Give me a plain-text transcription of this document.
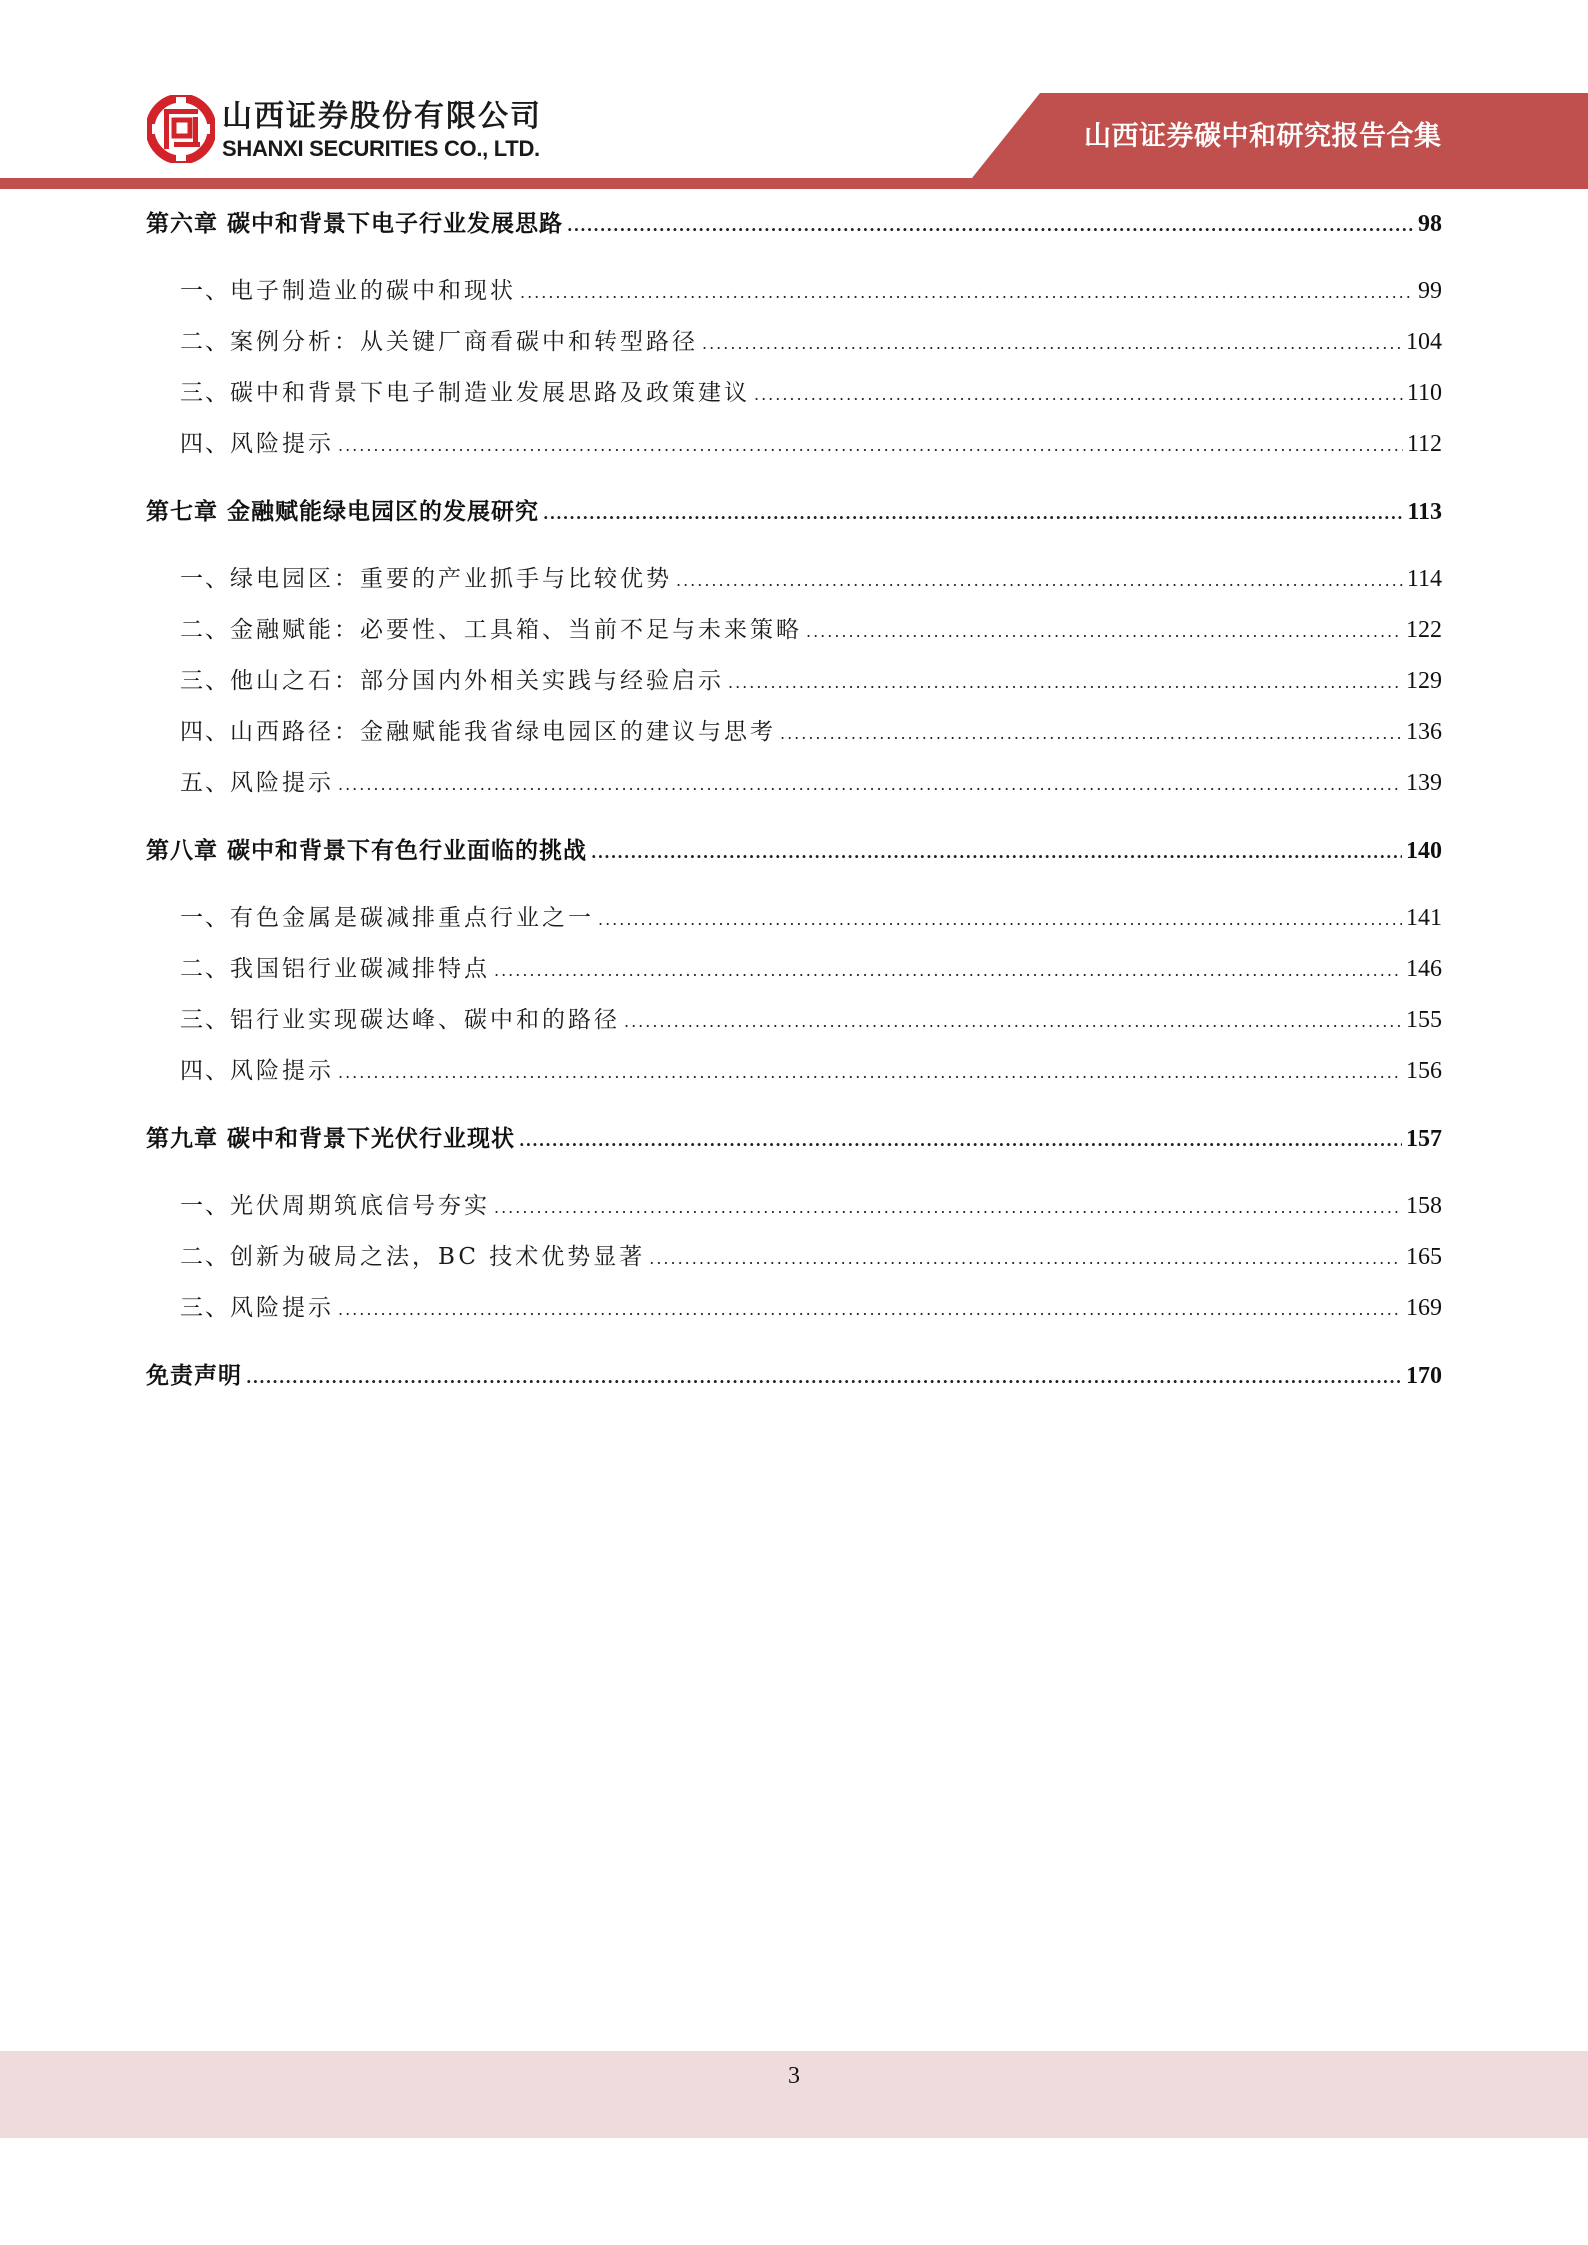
山西证券股份有限公司
SHANXI SECURITIES CO., LTD.	山西证券碳中和研究报告合集
第六章 碳中和背景下电子行业发展思路 .....	98
一、 电子制造业的碳中和现状 .....	99
二、 案例分析：从关键厂商看碳中和转型路径 .....	104
三、 碳中和背景下电子制造业发展思路及政策建议 .....	110
四、 风险提示 .....	112
第七章 金融赋能绿电园区的发展研究 .....	113
一、 绿电园区：重要的产业抓手与比较优势 .....	114
二、 金融赋能：必要性、工具箱、当前不足与未来策略 .....	122
三、 他山之石：部分国内外相关实践与经验启示 .....	129
四、 山西路径：金融赋能我省绿电园区的建议与思考 .....	136
五、 风险提示 .....	139
第八章 碳中和背景下有色行业面临的挑战 .....	140
一、 有色金属是碳减排重点行业之一 .....	141
二、 我国铝行业碳减排特点 .....	146
三、 铝行业实现碳达峰、碳中和的路径 .....	155
四、 风险提示 .....	156
第九章 碳中和背景下光伏行业现状 .....	157
一、 光伏周期筑底信号夯实 .....	158
二、 创新为破局之法，BC 技术优势显著 .....	165
三、 风险提示 .....	169
免责声明 .....	170
3
